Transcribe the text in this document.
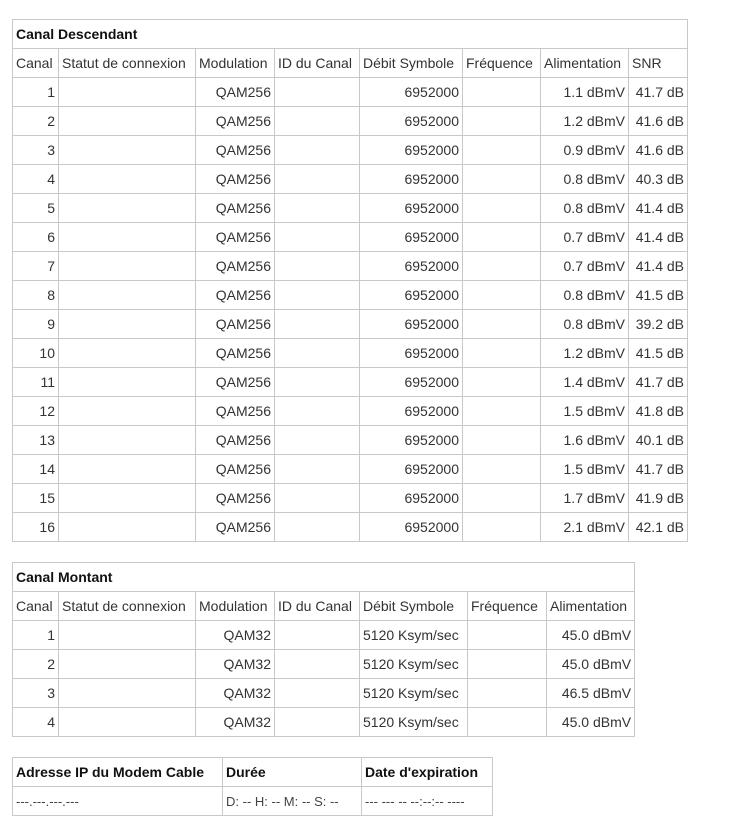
Canal Descendant							
Canal	Statut de connexion	Modulation	ID du Canal	Débit Symbole	Fréquence	Alimentation	SNR
1		QAM256		6952000		1.1 dBmV	41.7 dB
2		QAM256		6952000		1.2 dBmV	41.6 dB
3		QAM256		6952000		0.9 dBmV	41.6 dB
4		QAM256		6952000		0.8 dBmV	40.3 dB
5		QAM256		6952000		0.8 dBmV	41.4 dB
6		QAM256		6952000		0.7 dBmV	41.4 dB
7		QAM256		6952000		0.7 dBmV	41.4 dB
8		QAM256		6952000		0.8 dBmV	41.5 dB
9		QAM256		6952000		0.8 dBmV	39.2 dB
10		QAM256		6952000		1.2 dBmV	41.5 dB
11		QAM256		6952000		1.4 dBmV	41.7 dB
12		QAM256		6952000		1.5 dBmV	41.8 dB
13		QAM256		6952000		1.6 dBmV	40.1 dB
14		QAM256		6952000		1.5 dBmV	41.7 dB
15		QAM256		6952000		1.7 dBmV	41.9 dB
16		QAM256		6952000		2.1 dBmV	42.1 dB
Canal Montant						
Canal	Statut de connexion	Modulation	ID du Canal	Débit Symbole	Fréquence	Alimentation
1		QAM32		5120 Ksym/sec		45.0 dBmV
2		QAM32		5120 Ksym/sec		45.0 dBmV
3		QAM32		5120 Ksym/sec		46.5 dBmV
4		QAM32		5120 Ksym/sec		45.0 dBmV
Adresse IP du Modem Cable	Durée	Date d'expiration
---.---.---.---	D: -- H: -- M: -- S: --	--- --- -- --:--:-- ----
